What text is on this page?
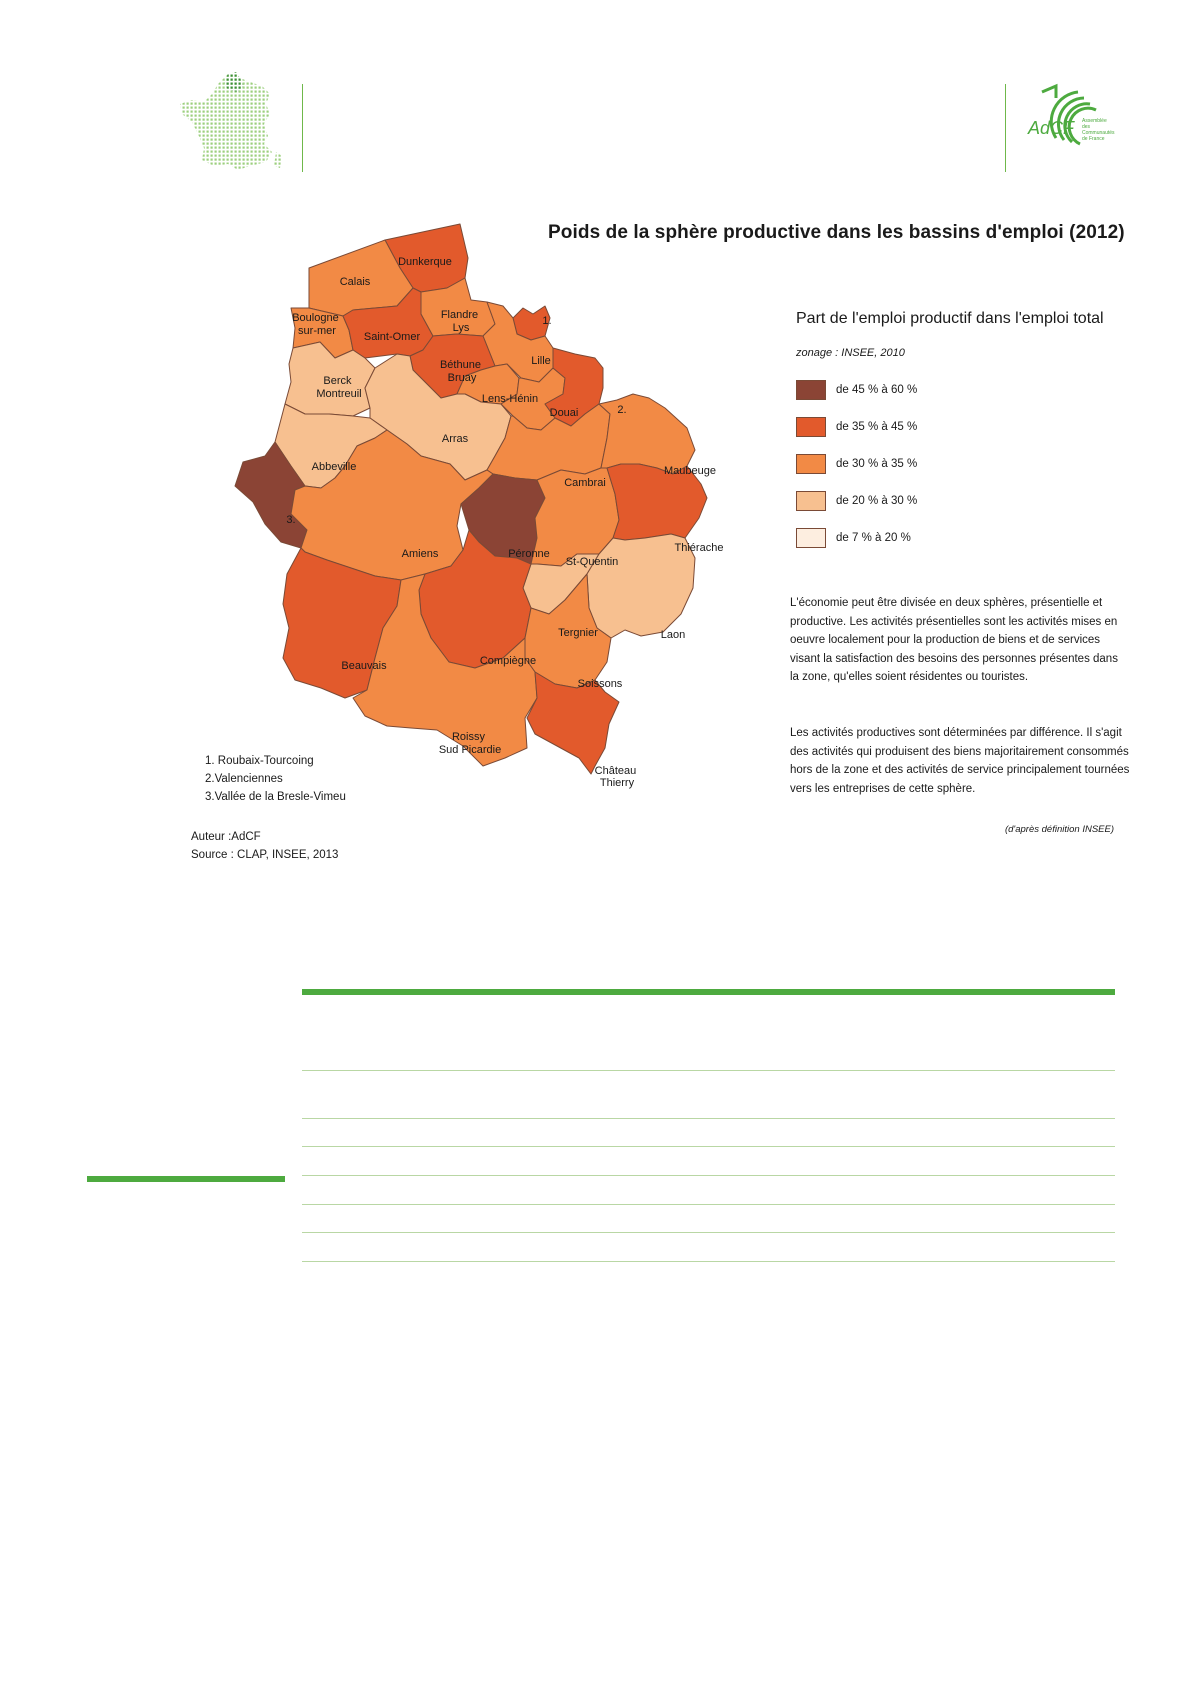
AdCF Assemblée des Communautés de France
Poids de la sphère productive dans les bassins d'emploi (2012)
Dunkerque
Calais
Boulogne sur-mer	Saint-Omer
Flandre Lys
1.
Lille
Béthune Bruay
Lens-Hénin
Berck Montreuil
Arras
Douai	2.
Abbeville
Cambrai
Maubeuge
3.
Amiens	Péronne
St-Quentin
Thiérache
Tergnier	Laon
Beauvais	Compiègne
Soissons
Roissy Sud Picardie
Château Thierry
Part de l'emploi productif dans l'emploi total
zonage : INSEE, 2010
de 45 % à 60 %
de 35 % à 45 %
de 30 % à 35 %
de 20 % à 30 %
de 7 % à 20 %

L'économie peut être divisée en deux sphères, présentielle et productive. Les activités présentielles sont les activités mises en oeuvre localement pour la production de biens et de services visant la satisfaction des besoins des personnes présentes dans la zone, qu'elles soient résidentes ou touristes.

Les activités productives sont déterminées par différence. Il s'agit des activités qui produisent des biens majoritairement consommés hors de la zone et des activités de service principalement tournées vers les entreprises de cette sphère.

(d'après définition INSEE)
1. Roubaix-Tourcoing
2.Valenciennes
3.Vallée de la Bresle-Vimeu
Auteur :AdCF
Source : CLAP, INSEE, 2013
